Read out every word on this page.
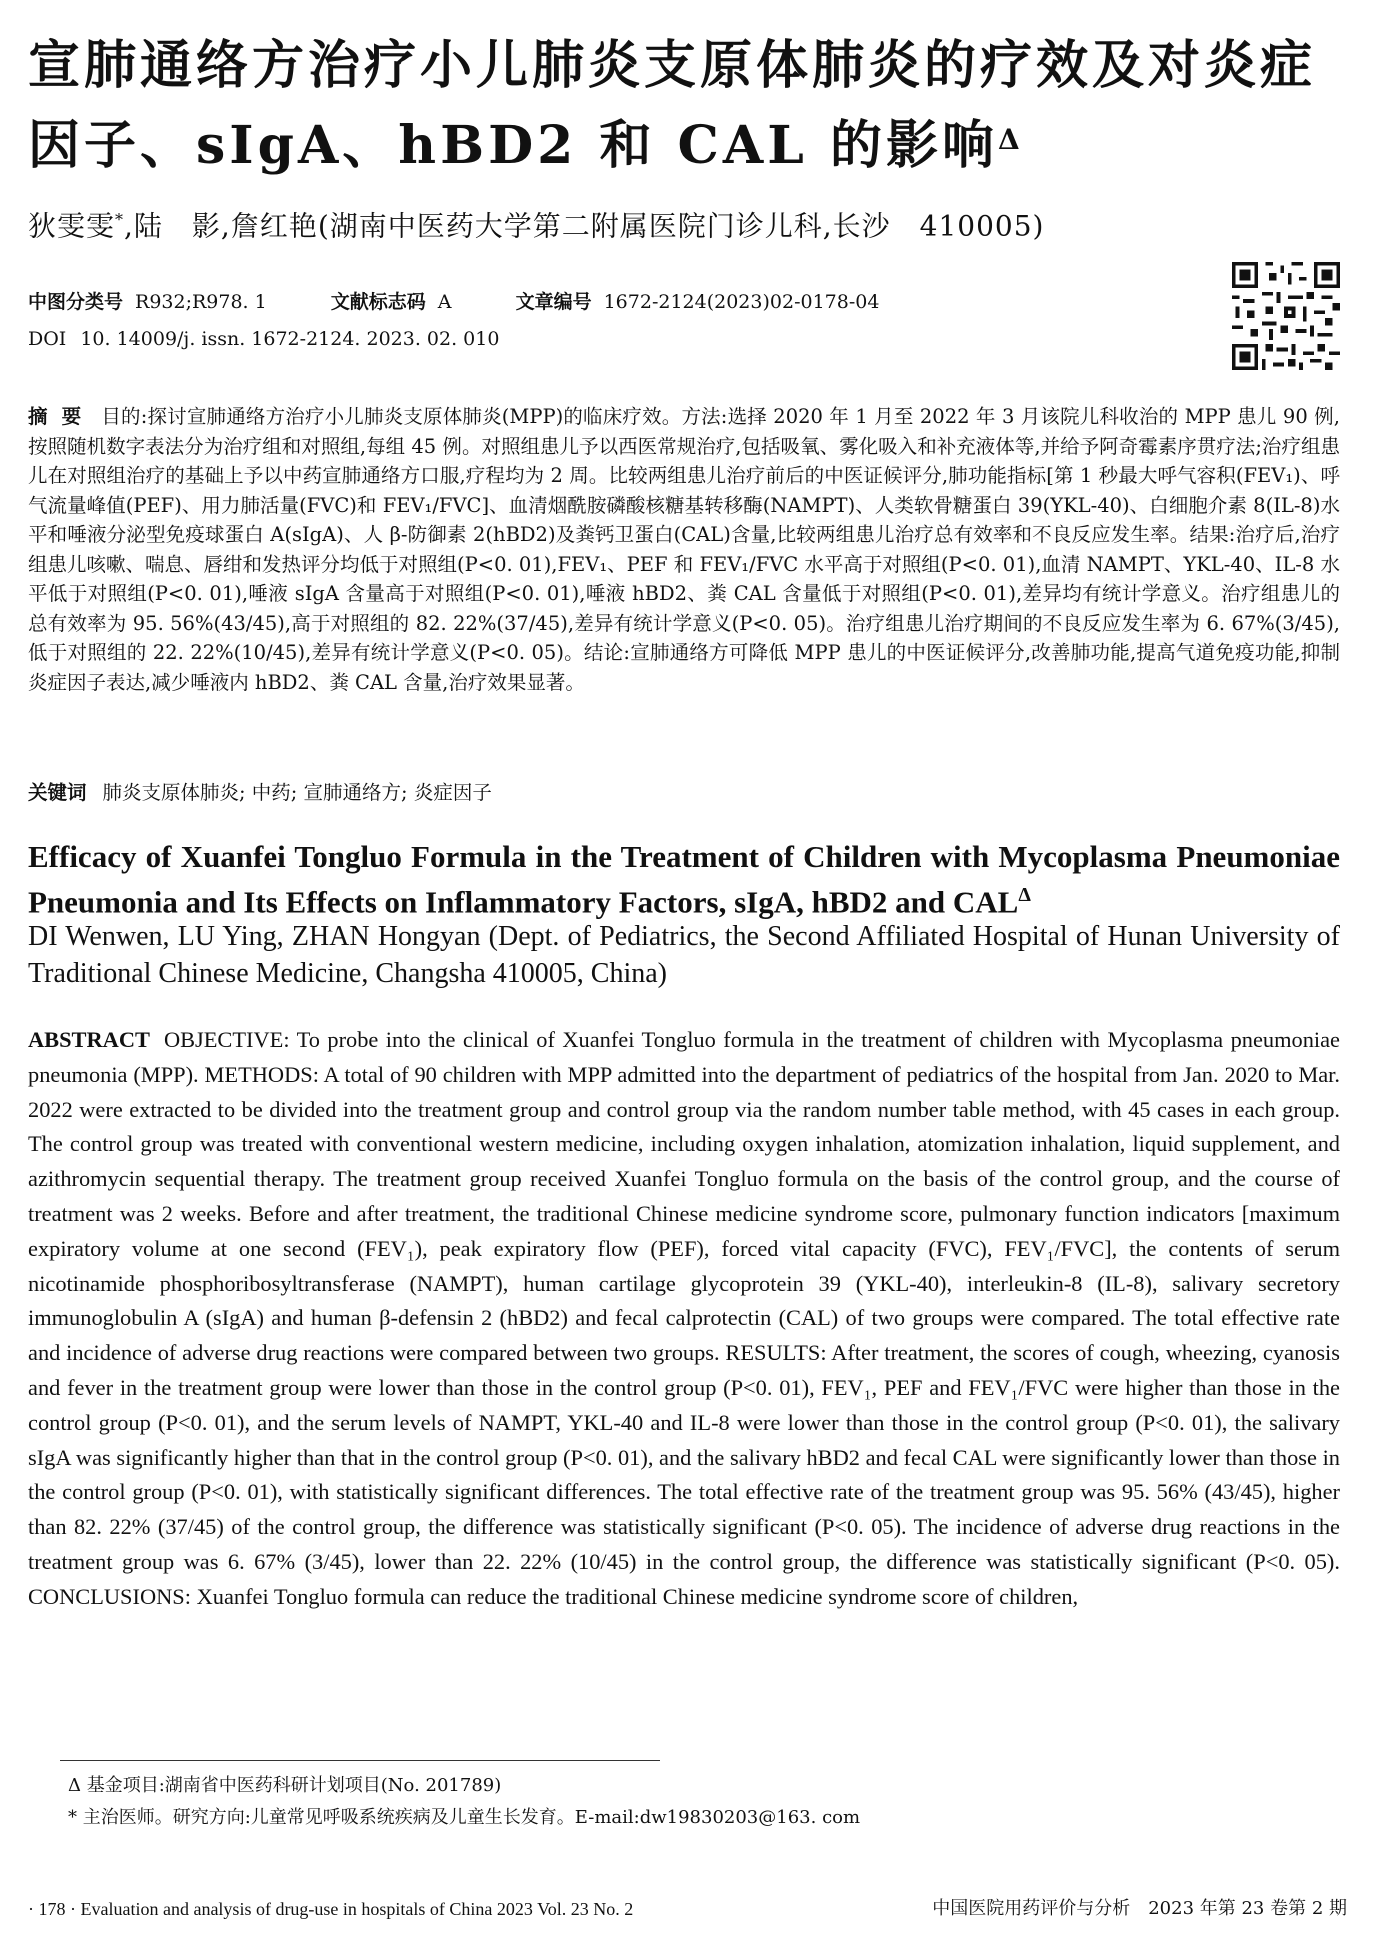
宣肺通络方治疗小儿肺炎支原体肺炎的疗效及对炎症因子、sIgA、hBD2 和 CAL 的影响$^\Delta$
狄雯雯*,陆　影,詹红艳(湖南中医药大学第二附属医院门诊儿科,长沙　410005)
中图分类号 R932;R978. 1	文献标志码 A	文章编号 1672-2124(2023)02-0178-04
DOI 10. 14009/j. issn. 1672-2124. 2023. 02. 010
摘要 目的:探讨宣肺通络方治疗小儿肺炎支原体肺炎(MPP)的临床疗效。方法:选择 2020 年 1 月至 2022 年 3 月该院儿科收治的 MPP 患儿 90 例,按照随机数字表法分为治疗组和对照组,每组 45 例。对照组患儿予以西医常规治疗,包括吸氧、雾化吸入和补充液体等,并给予阿奇霉素序贯疗法;治疗组患儿在对照组治疗的基础上予以中药宣肺通络方口服,疗程均为 2 周。比较两组患儿治疗前后的中医证候评分,肺功能指标[第 1 秒最大呼气容积(FEV₁)、呼气流量峰值(PEF)、用力肺活量(FVC)和 FEV₁/FVC]、血清烟酰胺磷酸核糖基转移酶(NAMPT)、人类软骨糖蛋白 39(YKL-40)、白细胞介素 8(IL-8)水平和唾液分泌型免疫球蛋白 A(sIgA)、人 β-防御素 2(hBD2)及粪钙卫蛋白(CAL)含量,比较两组患儿治疗总有效率和不良反应发生率。结果:治疗后,治疗组患儿咳嗽、喘息、唇绀和发热评分均低于对照组(P<0. 01),FEV₁、PEF 和 FEV₁/FVC 水平高于对照组(P<0. 01),血清 NAMPT、YKL-40、IL-8 水平低于对照组(P<0. 01),唾液 sIgA 含量高于对照组(P<0. 01),唾液 hBD2、粪 CAL 含量低于对照组(P<0. 01),差异均有统计学意义。治疗组患儿的总有效率为 95. 56%(43/45),高于对照组的 82. 22%(37/45),差异有统计学意义(P<0. 05)。治疗组患儿治疗期间的不良反应发生率为 6. 67%(3/45),低于对照组的 22. 22%(10/45),差异有统计学意义(P<0. 05)。结论:宣肺通络方可降低 MPP 患儿的中医证候评分,改善肺功能,提高气道免疫功能,抑制炎症因子表达,减少唾液内 hBD2、粪 CAL 含量,治疗效果显著。
关键词 肺炎支原体肺炎; 中药; 宣肺通络方; 炎症因子
Efficacy of Xuanfei Tongluo Formula in the Treatment of Children with Mycoplasma Pneumoniae Pneumonia and Its Effects on Inflammatory Factors, sIgA, hBD2 and $CAL^\Delta$
DI Wenwen, LU Ying, ZHAN Hongyan (Dept. of Pediatrics, the Second Affiliated Hospital of Hunan University of Traditional Chinese Medicine, Changsha 410005, China)
ABSTRACT OBJECTIVE: To probe into the clinical of Xuanfei Tongluo formula in the treatment of children with Mycoplasma pneumoniae pneumonia (MPP). METHODS: A total of 90 children with MPP admitted into the department of pediatrics of the hospital from Jan. 2020 to Mar. 2022 were extracted to be divided into the treatment group and control group via the random number table method, with 45 cases in each group. The control group was treated with conventional western medicine, including oxygen inhalation, atomization inhalation, liquid supplement, and azithromycin sequential therapy. The treatment group received Xuanfei Tongluo formula on the basis of the control group, and the course of treatment was 2 weeks. Before and after treatment, the traditional Chinese medicine syndrome score, pulmonary function indicators [maximum expiratory volume at one second (FEV₁), peak expiratory flow (PEF), forced vital capacity (FVC), FEV₁/FVC], the contents of serum nicotinamide phosphoribosyltransferase (NAMPT), human cartilage glycoprotein 39 (YKL-40), interleukin-8 (IL-8), salivary secretory immunoglobulin A (sIgA) and human β-defensin 2 (hBD2) and fecal calprotectin (CAL) of two groups were compared. The total effective rate and incidence of adverse drug reactions were compared between two groups. RESULTS: After treatment, the scores of cough, wheezing, cyanosis and fever in the treatment group were lower than those in the control group (P<0. 01), FEV₁, PEF and FEV₁/FVC were higher than those in the control group (P<0. 01), and the serum levels of NAMPT, YKL-40 and IL-8 were lower than those in the control group (P<0. 01), the salivary sIgA was significantly higher than that in the control group (P<0. 01), and the salivary hBD2 and fecal CAL were significantly lower than those in the control group (P<0. 01), with statistically significant differences. The total effective rate of the treatment group was 95. 56% (43/45), higher than 82. 22% (37/45) of the control group, the difference was statistically significant (P<0. 05). The incidence of adverse drug reactions in the treatment group was 6. 67% (3/45), lower than 22. 22% (10/45) in the control group, the difference was statistically significant (P<0. 05). CONCLUSIONS: Xuanfei Tongluo formula can reduce the traditional Chinese medicine syndrome score of children,
Δ 基金项目:湖南省中医药科研计划项目(No. 201789)
* 主治医师。研究方向:儿童常见呼吸系统疾病及儿童生长发育。E-mail:dw19830203@163. com
· 178 · Evaluation and analysis of drug-use in hospitals of China 2023 Vol. 23 No. 2	中国医院用药评价与分析　2023 年第 23 卷第 2 期
